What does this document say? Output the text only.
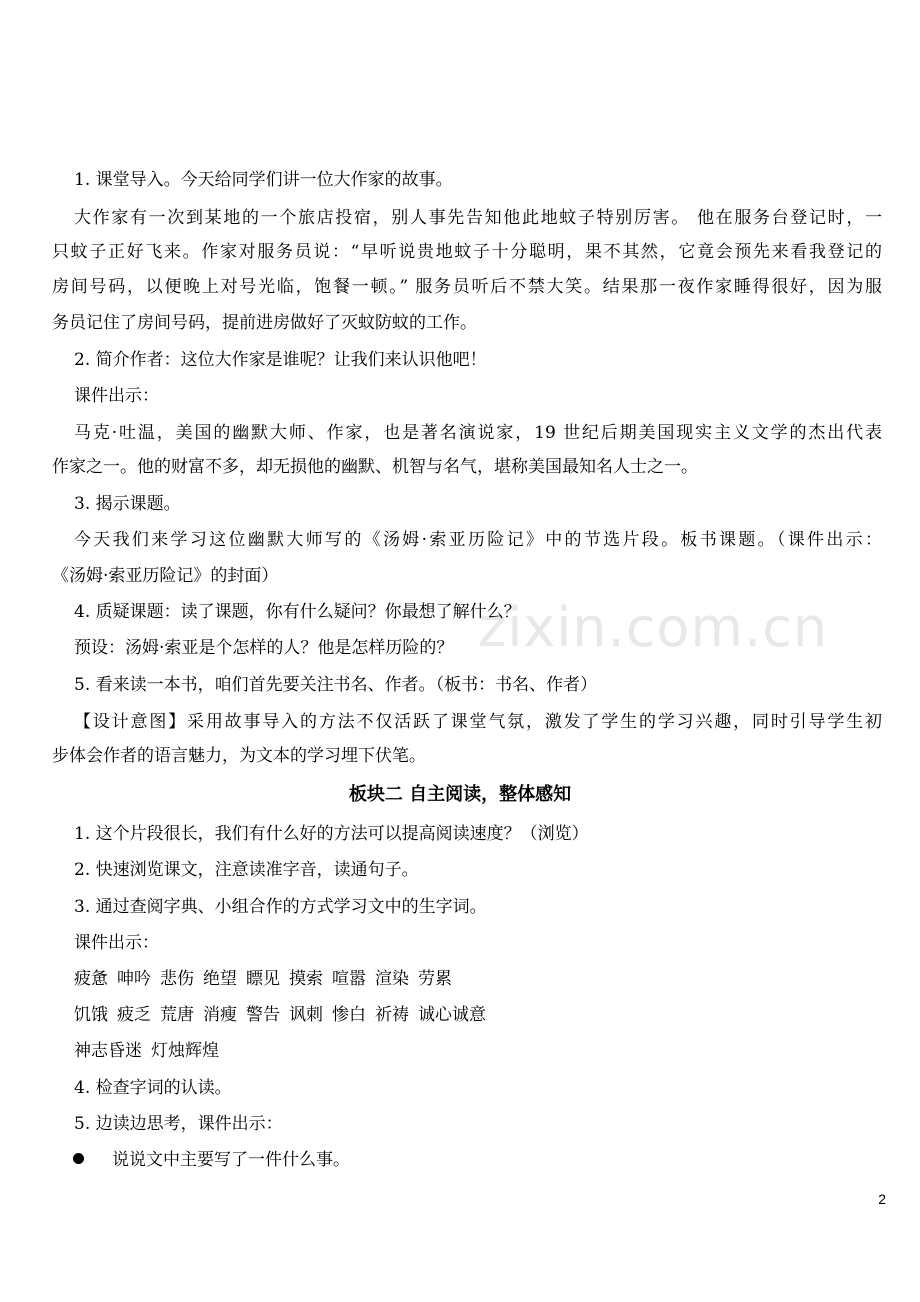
zixin.com.cn
1. 课堂导入。今天给同学们讲一位大作家的故事。
大作家有一次到某地的一个旅店投宿，别人事先告知他此地蚊子特别厉害。 他在服务台登记时，一
只蚊子正好飞来。作家对服务员说：“早听说贵地蚊子十分聪明，果不其然，它竟会预先来看我登记的
房间号码，以便晚上对号光临，饱餐一顿。” 服务员听后不禁大笑。结果那一夜作家睡得很好，因为服
务员记住了房间号码，提前进房做好了灭蚊防蚊的工作。
2. 简介作者：这位大作家是谁呢？让我们来认识他吧！
课件出示：
马克·吐温，美国的幽默大师、作家，也是著名演说家，19 世纪后期美国现实主义文学的杰出代表
作家之一。他的财富不多，却无损他的幽默、机智与名气，堪称美国最知名人士之一。
3. 揭示课题。
今天我们来学习这位幽默大师写的《汤姆·索亚历险记》中的节选片段。板书课题。（课件出示：
《汤姆·索亚历险记》的封面）
4. 质疑课题：读了课题，你有什么疑问？你最想了解什么？
预设：汤姆·索亚是个怎样的人？他是怎样历险的？
5. 看来读一本书，咱们首先要关注书名、作者。（板书：书名、作者）
【设计意图】采用故事导入的方法不仅活跃了课堂气氛，激发了学生的学习兴趣，同时引导学生初
步体会作者的语言魅力，为文本的学习埋下伏笔。
板块二 自主阅读，整体感知
1. 这个片段很长，我们有什么好的方法可以提高阅读速度？（浏览）
2. 快速浏览课文，注意读准字音，读通句子。
3. 通过查阅字典、小组合作的方式学习文中的生字词。
课件出示：
疲惫 呻吟 悲伤 绝望 瞟见 摸索 喧嚣 渲染 劳累
饥饿 疲乏 荒唐 消瘦 警告 讽刺 惨白 祈祷 诚心诚意
神志昏迷 灯烛辉煌
4. 检查字词的认读。
5. 边读边思考，课件出示：
说说文中主要写了一件什么事。
2
